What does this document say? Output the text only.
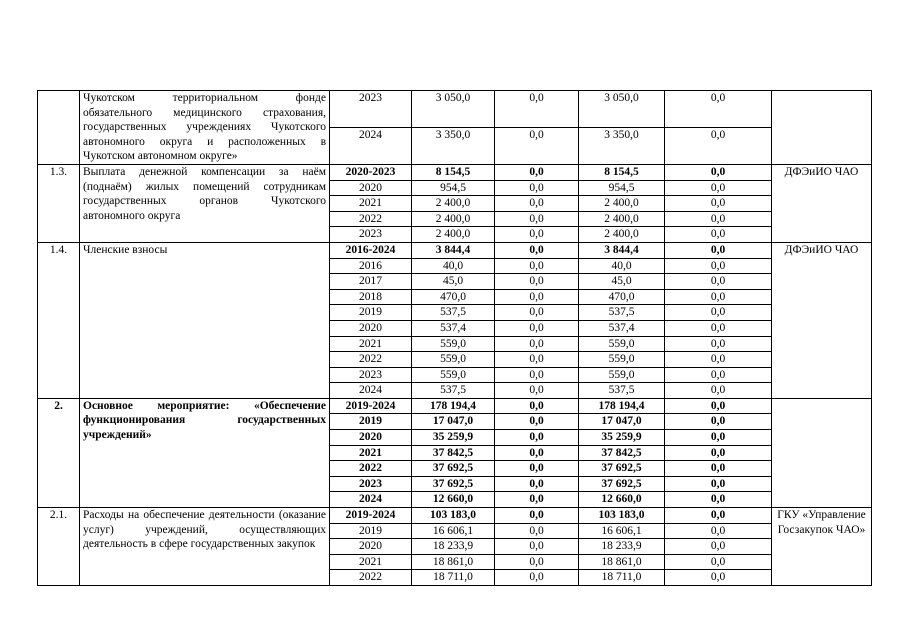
	Чукотском территориальном фонде обязательного медицинского страхования, государственных учреждениях Чукотского автономного округа и расположенных в Чукотском автономном округе»	2023	3 050,0	0,0	3 050,0	0,0	
		2024	3 350,0	0,0	3 350,0	0,0	
1.3.	Выплата денежной компенсации за наём (поднаём) жилых помещений сотрудникам государственных органов Чукотского автономного округа	2020-2023	8 154,5	0,0	8 154,5	0,0	ДФЭиИО ЧАО
		2020	954,5	0,0	954,5	0,0	
		2021	2 400,0	0,0	2 400,0	0,0	
		2022	2 400,0	0,0	2 400,0	0,0	
		2023	2 400,0	0,0	2 400,0	0,0	
1.4.	Членские взносы	2016-2024	3 844,4	0,0	3 844,4	0,0	ДФЭиИО ЧАО
		2016	40,0	0,0	40,0	0,0	
		2017	45,0	0,0	45,0	0,0	
		2018	470,0	0,0	470,0	0,0	
		2019	537,5	0,0	537,5	0,0	
		2020	537,4	0,0	537,4	0,0	
		2021	559,0	0,0	559,0	0,0	
		2022	559,0	0,0	559,0	0,0	
		2023	559,0	0,0	559,0	0,0	
		2024	537,5	0,0	537,5	0,0	
2.	Основное мероприятие: «Обеспечение функционирования государственных учреждений»	2019-2024	178 194,4	0,0	178 194,4	0,0	
		2019	17 047,0	0,0	17 047,0	0,0	
		2020	35 259,9	0,0	35 259,9	0,0	
		2021	37 842,5	0,0	37 842,5	0,0	
		2022	37 692,5	0,0	37 692,5	0,0	
		2023	37 692,5	0,0	37 692,5	0,0	
		2024	12 660,0	0,0	12 660,0	0,0	
2.1.	Расходы на обеспечение деятельности (оказание услуг) учреждений, осуществляющих деятельность в сфере государственных закупок	2019-2024	103 183,0	0,0	103 183,0	0,0	ГКУ «Управление Госзакупок ЧАО»
		2019	16 606,1	0,0	16 606,1	0,0	
		2020	18 233,9	0,0	18 233,9	0,0	
		2021	18 861,0	0,0	18 861,0	0,0	
		2022	18 711,0	0,0	18 711,0	0,0	
